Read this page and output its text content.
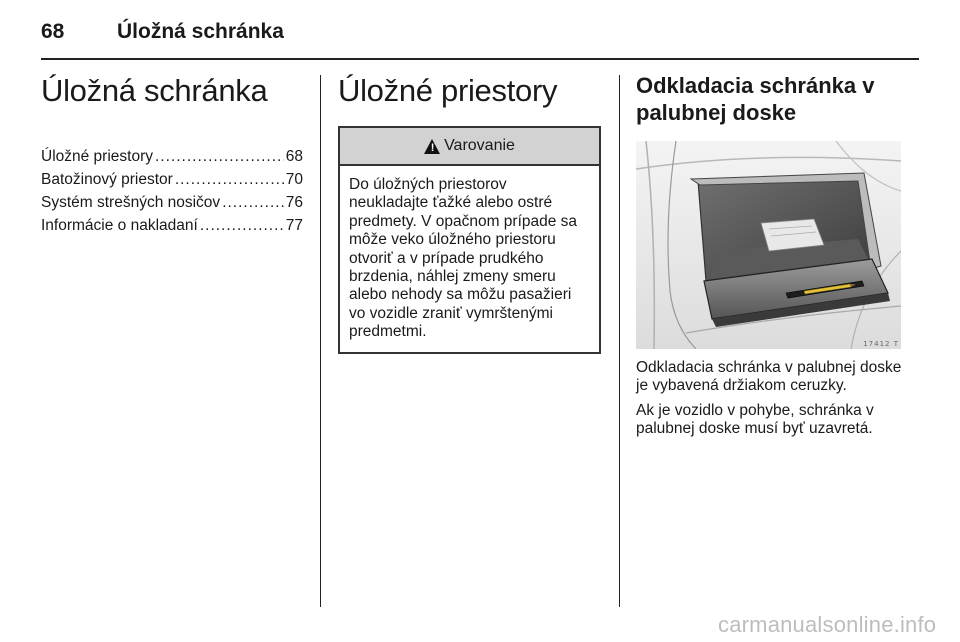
68	Úložná schránka
Úložná schránka
Úložné priestory .....	68
Batožinový priestor .....	70
Systém strešných nosičov .....	76
Informácie o nakladaní .....	77
Úložné priestory
! Varovanie
Do úložných priestorov neukladajte ťažké alebo ostré predmety. V opačnom prípade sa môže veko úložného priestoru otvoriť a v prípade prudkého brzdenia, náhlej zmeny smeru alebo nehody sa môžu pasažieri vo vozidle zraniť vymrštenými predmetmi.
Odkladacia schránka v palubnej doske
17412 T

Odkladacia schránka v palubnej doske je vybavená držiakom ceruzky.

Ak je vozidlo v pohybe, schránka v palubnej doske musí byť uzavretá.

carmanualsonline.info
